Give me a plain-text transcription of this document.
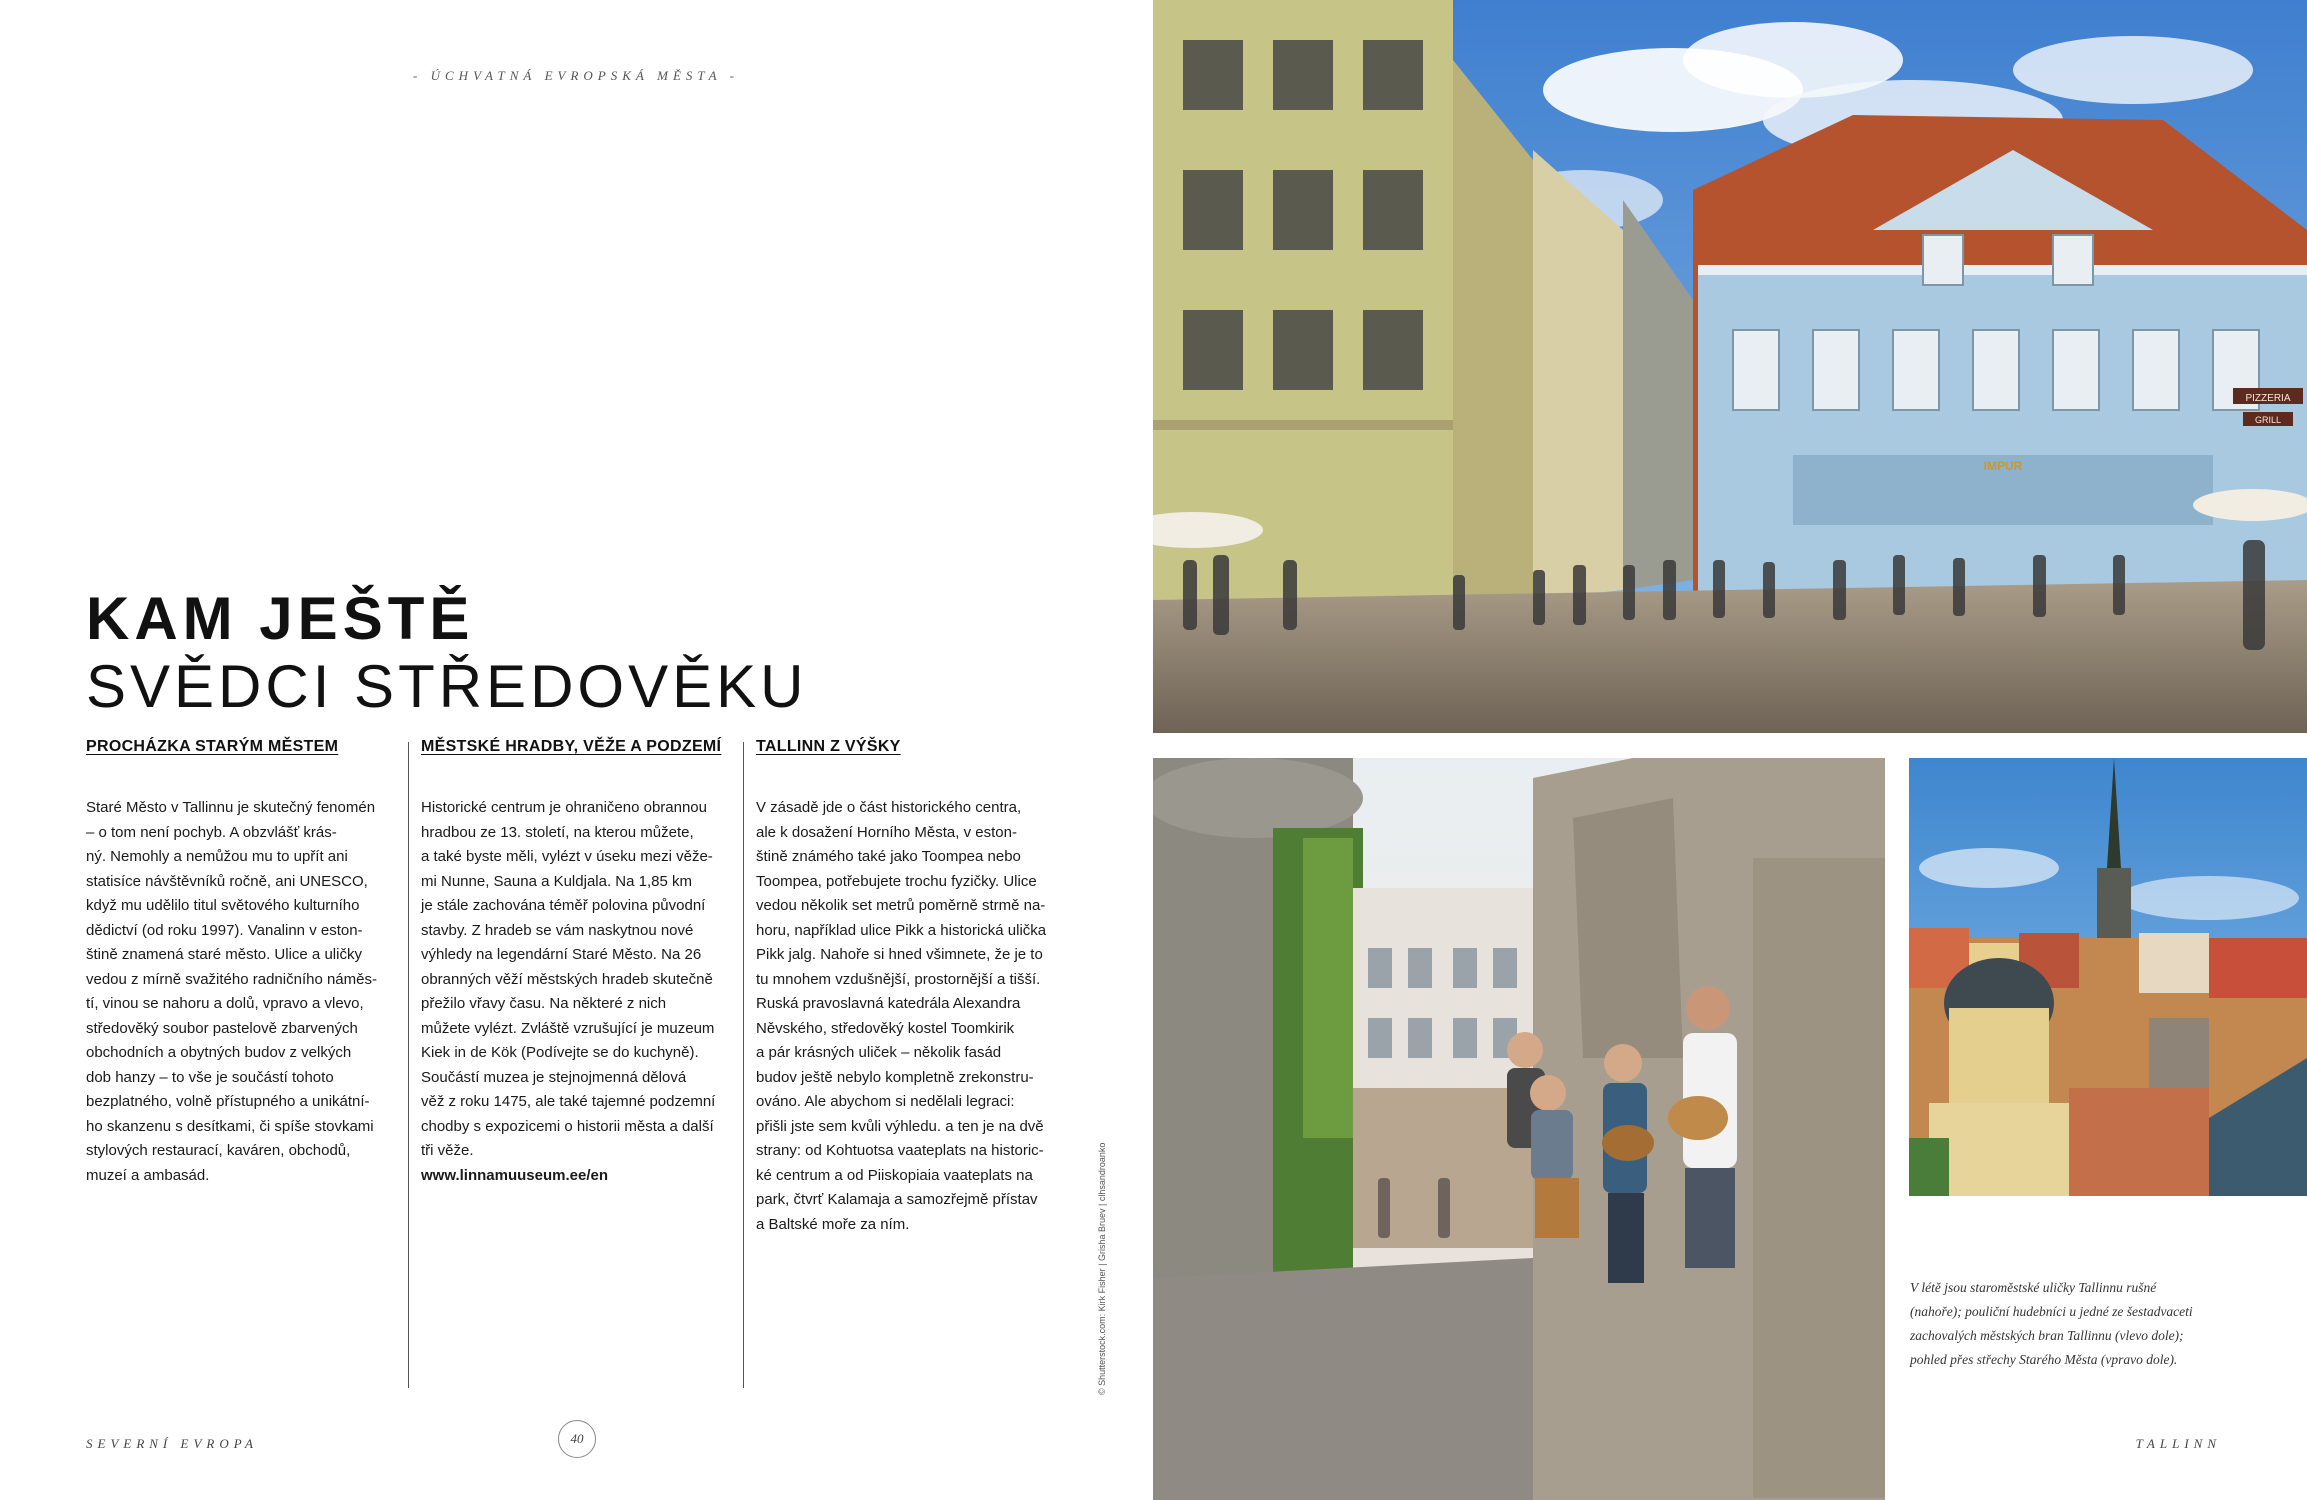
- ÚCHVATNÁ EVROPSKÁ MĚSTA -
KAM JEŠTĚ
SVĚDCI STŘEDOVĚKU

PROCHÁZKA STARÝM MĚSTEM

Staré Město v Tallinnu je skutečný fenomén
– o tom není pochyb. A obzvlášť krás-
ný. Nemohly a nemůžou mu to upřít ani
statisíce návštěvníků ročně, ani UNESCO,
když mu udělilo titul světového kulturního
dědictví (od roku 1997). Vanalinn v eston-
štině znamená staré město. Ulice a uličky
vedou z mírně svažitého radničního náměs-
tí, vinou se nahoru a dolů, vpravo a vlevo,
středověký soubor pastelově zbarvených
obchodních a obytných budov z velkých
dob hanzy – to vše je součástí tohoto
bezplatného, volně přístupného a unikátní-
ho skanzenu s desítkami, či spíše stovkami
stylových restaurací, kaváren, obchodů,
muzeí a ambasád.

MĚSTSKÉ HRADBY, VĚŽE A PODZEMÍ

Historické centrum je ohraničeno obrannou
hradbou ze 13. století, na kterou můžete,
a také byste měli, vylézt v úseku mezi věže-
mi Nunne, Sauna a Kuldjala. Na 1,85 km
je stále zachována téměř polovina původní
stavby. Z hradeb se vám naskytnou nové
výhledy na legendární Staré Město. Na 26
obranných věží městských hradeb skutečně
přežilo vřavy času. Na některé z nich
můžete vylézt. Zvláště vzrušující je muzeum
Kiek in de Kök (Podívejte se do kuchyně).
Součástí muzea je stejnojmenná dělová
věž z roku 1475, ale také tajemné podzemní
chodby s expozicemi o historii města a další
tři věže.

www.linnamuuseum.ee/en

TALLINN Z VÝŠKY

V zásadě jde o část historického centra,
ale k dosažení Horního Města, v eston-
štině známého také jako Toompea nebo
Toompea, potřebujete trochu fyzičky. Ulice
vedou několik set metrů poměrně strmě na-
horu, například ulice Pikk a historická ulička
Pikk jalg. Nahoře si hned všimnete, že je to
tu mnohem vzdušnější, prostornější a tišší.
Ruská pravoslavná katedrála Alexandra
Něvského, středověký kostel Toomkirik
a pár krásných uliček – několik fasád
budov ještě nebylo kompletně zrekonstru-
ováno. Ale abychom si nedělali legraci:
přišli jste sem kvůli výhledu. a ten je na dvě
strany: od Kohtuotsa vaateplats na historic-
ké centrum a od Piiskopiaia vaateplats na
park, čtvrť Kalamaja a samozřejmě přístav
a Baltské moře za ním.	© Shutterstock.com: Kirk Fisher | Grisha Bruev | clhsandroanko
SEVERNÍ EVROPA	40
IMPUR
PIZZERIA
GRILL
V létě jsou staroměstské uličky Tallinnu rušné (nahoře); pouliční hudebníci u jedné ze šestadvaceti zachovalých městských bran Tallinnu (vlevo dole); pohled přes střechy Starého Města (vpravo dole).
TALLINN
